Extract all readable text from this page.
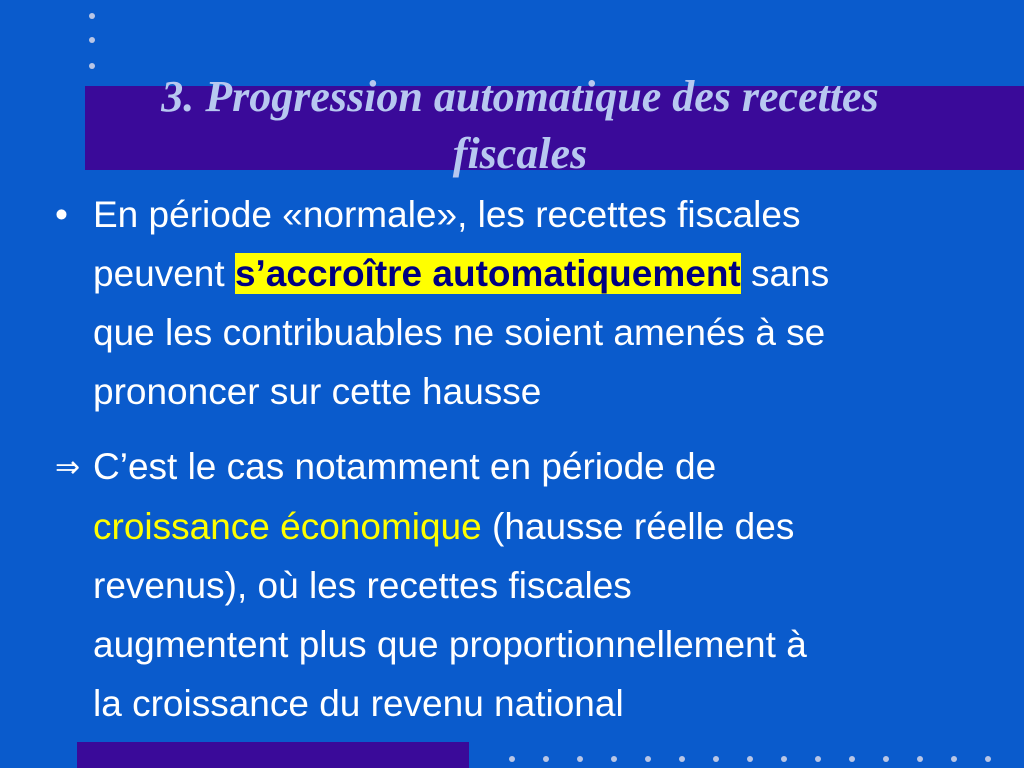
3. Progression automatique des recettes
fiscales
• En période «normale», les recettes fiscales
peuvent s’accroître automatiquement sans
que les contribuables ne soient amenés à se
prononcer sur cette hausse
⇒ C’est le cas notamment en période de
croissance économique (hausse réelle des
revenus), où les recettes fiscales
augmentent plus que proportionnellement à
la croissance du revenu national
